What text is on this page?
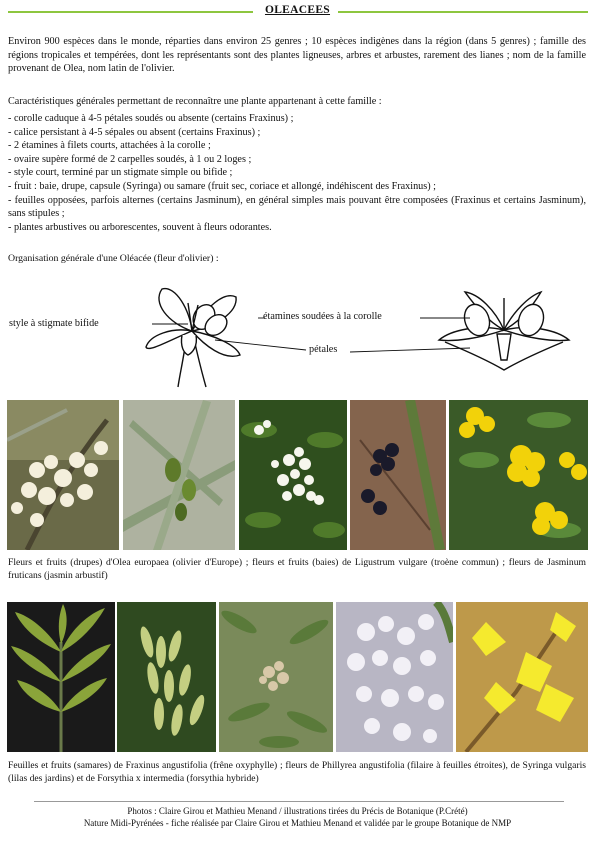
OLEACEES

Environ 900 espèces dans le monde, réparties dans environ 25 genres ; 10 espèces indigènes dans la région (dans 5 genres) ; famille des régions tropicales et tempérées, dont les représentants sont des plantes ligneuses, arbres et arbustes, rarement des lianes ; nom de la famille provenant de Olea, nom latin de l'olivier.

Caractéristiques générales permettant de reconnaître une plante appartenant à cette famille :

- corolle caduque à 4-5 pétales soudés ou absente (certains Fraxinus) ;
- calice persistant à 4-5 sépales ou absent (certains Fraxinus) ;
- 2 étamines à filets courts, attachées à la corolle ;
- ovaire supère formé de 2 carpelles soudés, à 1 ou 2 loges ;
- style court, terminé par un stigmate simple ou bifide ;
- fruit : baie, drupe, capsule (Syringa) ou samare (fruit sec, coriace et allongé, indéhiscent des Fraxinus) ;
- feuilles opposées, parfois alternes (certains Jasminum), en général simples mais pouvant être composées (Fraxinus et certains Jasminum), sans stipules ;
- plantes arbustives ou arborescentes, souvent à fleurs odorantes.

Organisation générale d'une Oléacée (fleur d'olivier) :

style à stigmate bifide
étamines soudées à la corolle
pétales

Fleurs et fruits (drupes) d'Olea europaea (olivier d'Europe) ; fleurs et fruits (baies) de Ligustrum vulgare (troène commun) ; fleurs de Jasminum fruticans (jasmin arbustif)

Feuilles et fruits (samares) de Fraxinus angustifolia (frêne oxyphylle) ; fleurs de Phillyrea angustifolia (filaire à feuilles étroites), de Syringa vulgaris (lilas des jardins) et de Forsythia x intermedia (forsythia hybride)

Photos : Claire Girou et Mathieu Menand / illustrations tirées du Précis de Botanique (P.Crété)
Nature Midi-Pyrénées - fiche réalisée par Claire Girou et Mathieu Menand et validée par le groupe Botanique de NMP
